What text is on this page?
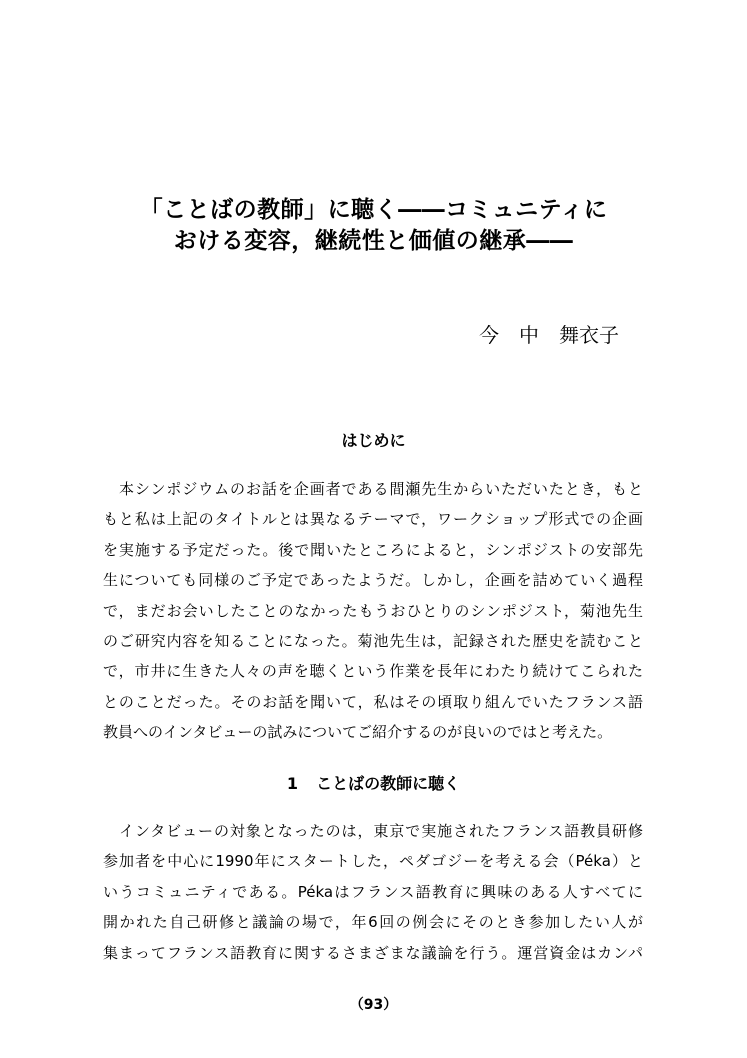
「ことばの教師」に聴く――コミュニティに
おける変容，継続性と価値の継承――
今 中 舞衣子
はじめに
　本シンポジウムのお話を企画者である間瀬先生からいただいたとき，もと
もと私は上記のタイトルとは異なるテーマで，ワークショップ形式での企画
を実施する予定だった。後で聞いたところによると，シンポジストの安部先
生についても同様のご予定であったようだ。しかし，企画を詰めていく過程
で，まだお会いしたことのなかったもうおひとりのシンポジスト，菊池先生
のご研究内容を知ることになった。菊池先生は，記録された歴史を読むこと
で，市井に生きた人々の声を聴くという作業を長年にわたり続けてこられた
とのことだった。そのお話を聞いて，私はその頃取り組んでいたフランス語
教員へのインタビューの試みについてご紹介するのが良いのではと考えた。
1 ことばの教師に聴く
　インタビューの対象となったのは，東京で実施されたフランス語教員研修
参加者を中心に1990年にスタートした，ペダゴジーを考える会（Péka）と
いうコミュニティである。Pékaはフランス語教育に興味のある人すべてに
開かれた自己研修と議論の場で，年6回の例会にそのとき参加したい人が
集まってフランス語教育に関するさまざまな議論を行う。運営資金はカンパ
（93）
